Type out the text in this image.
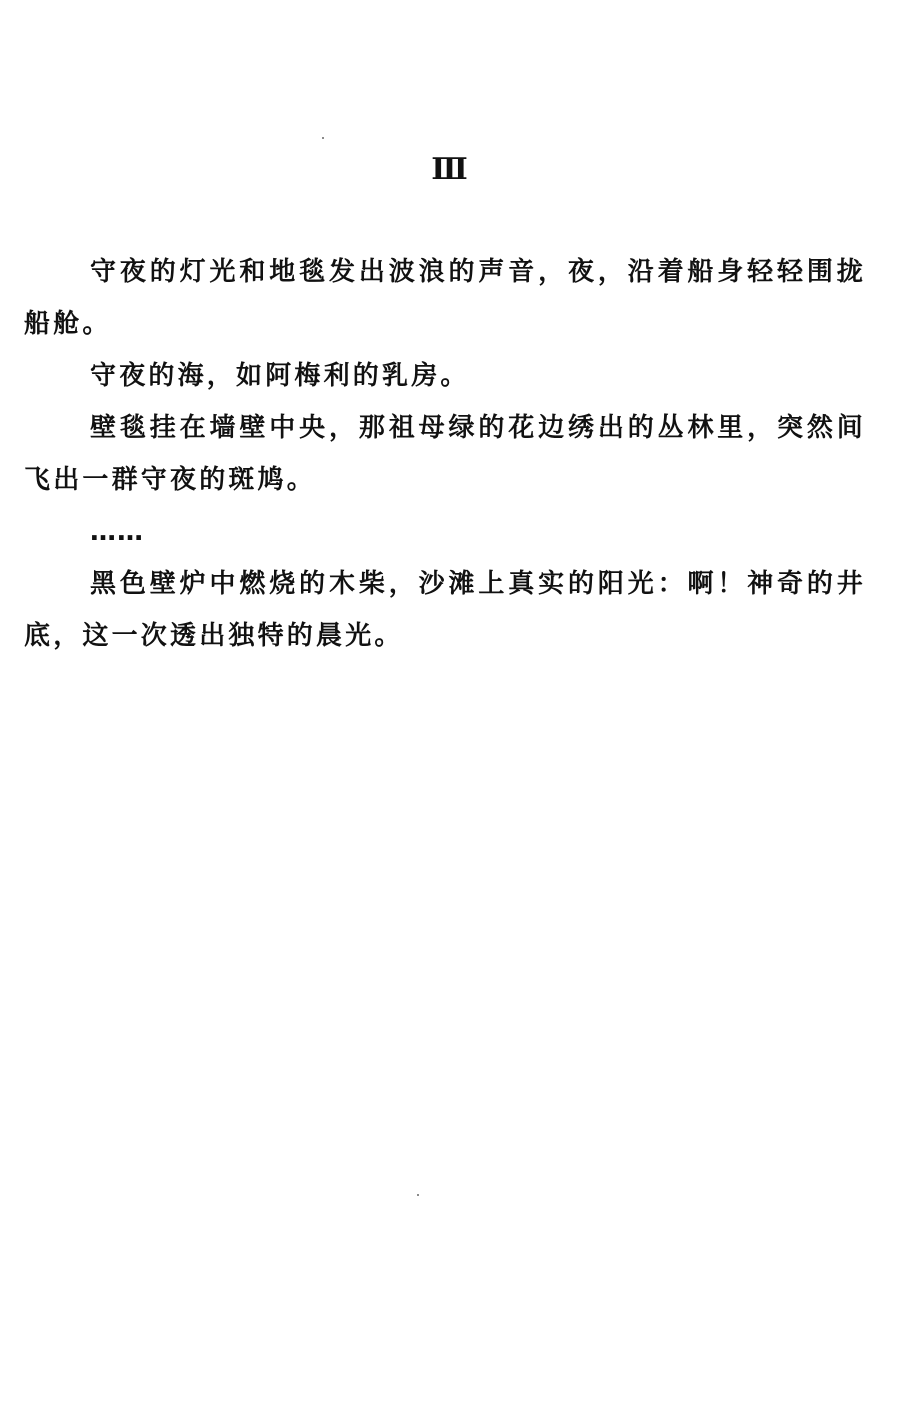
Ⅲ

守夜的灯光和地毯发出波浪的声音，夜，沿着船身轻轻围拢船舱。

守夜的海，如阿梅利的乳房。

壁毯挂在墙壁中央，那祖母绿的花边绣出的丛林里，突然间飞出一群守夜的斑鸠。

……

黑色壁炉中燃烧的木柴，沙滩上真实的阳光：啊！神奇的井底，这一次透出独特的晨光。
